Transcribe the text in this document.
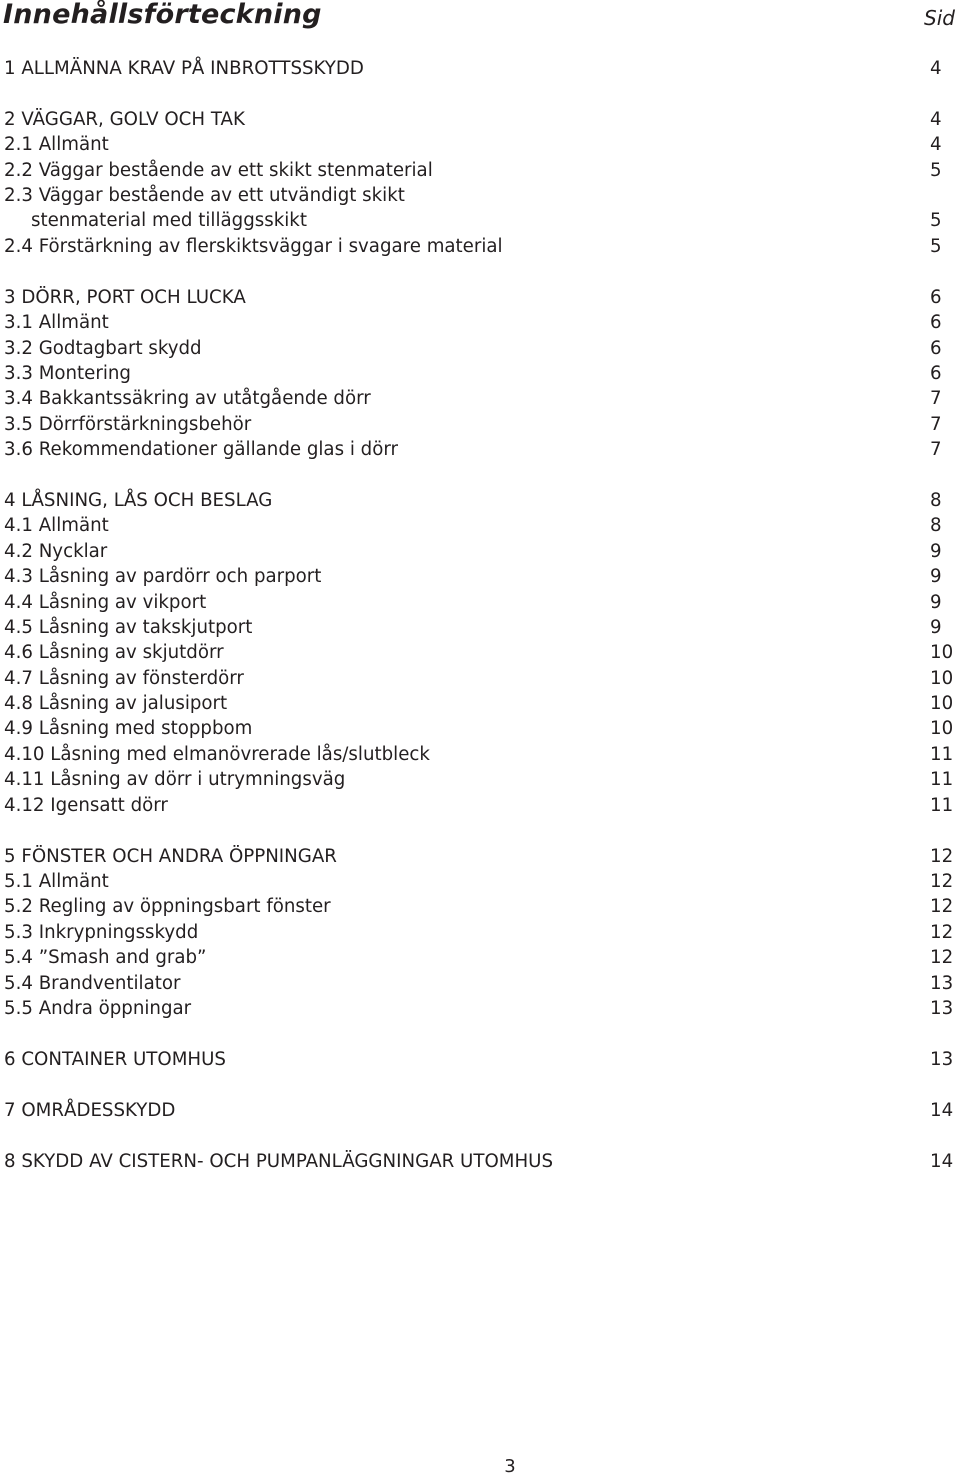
Innehållsförteckning	Sid
1 ALLMÄNNA KRAV PÅ INBROTTSSKYDD	4
2 VÄGGAR, GOLV OCH TAK	4
2.1 Allmänt	4
2.2 Väggar bestående av ett skikt stenmaterial	5
2.3 Väggar bestående av ett utvändigt skikt
stenmaterial med tilläggsskikt	5
2.4 Förstärkning av flerskiktsväggar i svagare material	5
3 DÖRR, PORT OCH LUCKA	6
3.1 Allmänt	6
3.2 Godtagbart skydd	6
3.3 Montering	6
3.4 Bakkantssäkring av utåtgående dörr	7
3.5 Dörrförstärkningsbehör	7
3.6 Rekommendationer gällande glas i dörr	7
4 LÅSNING, LÅS OCH BESLAG	8
4.1 Allmänt	8
4.2 Nycklar	9
4.3 Låsning av pardörr och parport	9
4.4 Låsning av vikport	9
4.5 Låsning av takskjutport	9
4.6 Låsning av skjutdörr	10
4.7 Låsning av fönsterdörr	10
4.8 Låsning av jalusiport	10
4.9 Låsning med stoppbom	10
4.10 Låsning med elmanövrerade lås/slutbleck	11
4.11 Låsning av dörr i utrymningsväg	11
4.12 Igensatt dörr	11
5 FÖNSTER OCH ANDRA ÖPPNINGAR	12
5.1 Allmänt	12
5.2 Regling av öppningsbart fönster	12
5.3 Inkrypningsskydd	12
5.4 ”Smash and grab”	12
5.4 Brandventilator	13
5.5 Andra öppningar	13
6 CONTAINER UTOMHUS	13
7 OMRÅDESSKYDD	14
8 SKYDD AV CISTERN- OCH PUMPANLÄGGNINGAR UTOMHUS	14
3
